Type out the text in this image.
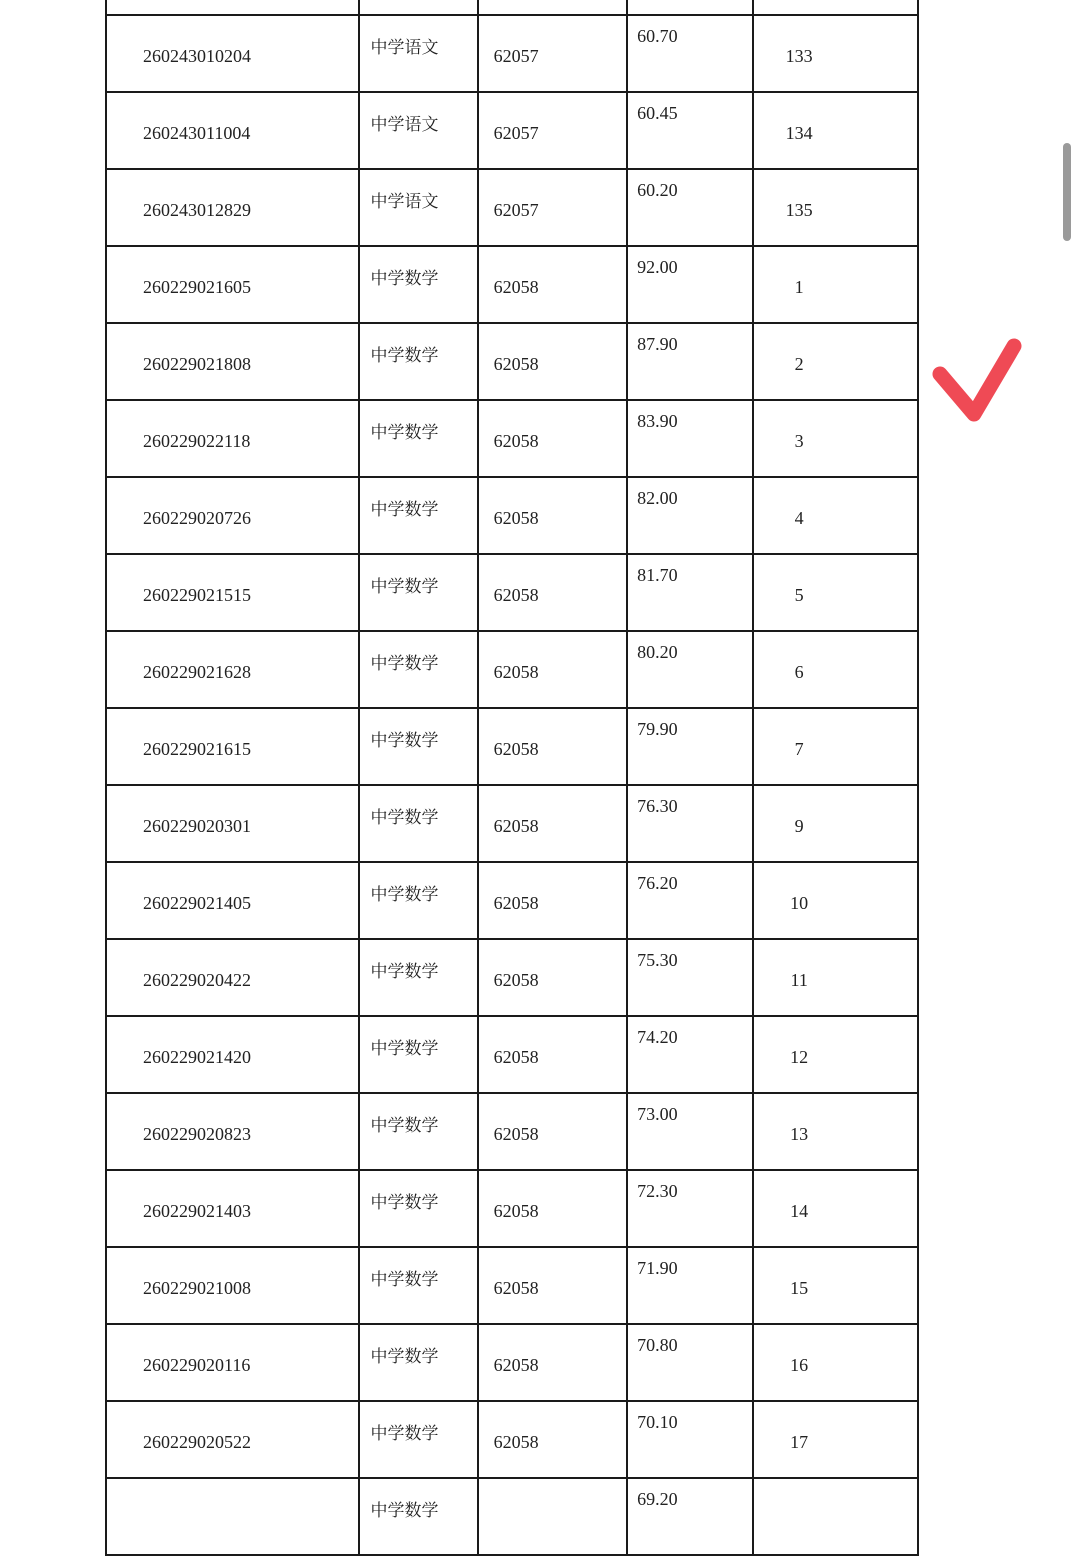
260243010204	中学语文	62057	60.70	133

260243011004	中学语文	62057	60.45	134

260243012829	中学语文	62057	60.20	135

260229021605	中学数学	62058	92.00	1

260229021808	中学数学	62058	87.90	2

260229022118	中学数学	62058	83.90	3

260229020726	中学数学	62058	82.00	4

260229021515	中学数学	62058	81.70	5

260229021628	中学数学	62058	80.20	6

260229021615	中学数学	62058	79.90	7

260229020301	中学数学	62058	76.30	9

260229021405	中学数学	62058	76.20	10

260229020422	中学数学	62058	75.30	11

260229021420	中学数学	62058	74.20	12

260229020823	中学数学	62058	73.00	13

260229021403	中学数学	62058	72.30	14

260229021008	中学数学	62058	71.90	15

260229020116	中学数学	62058	70.80	16

260229020522	中学数学	62058	70.10	17

	中学数学		69.20	
